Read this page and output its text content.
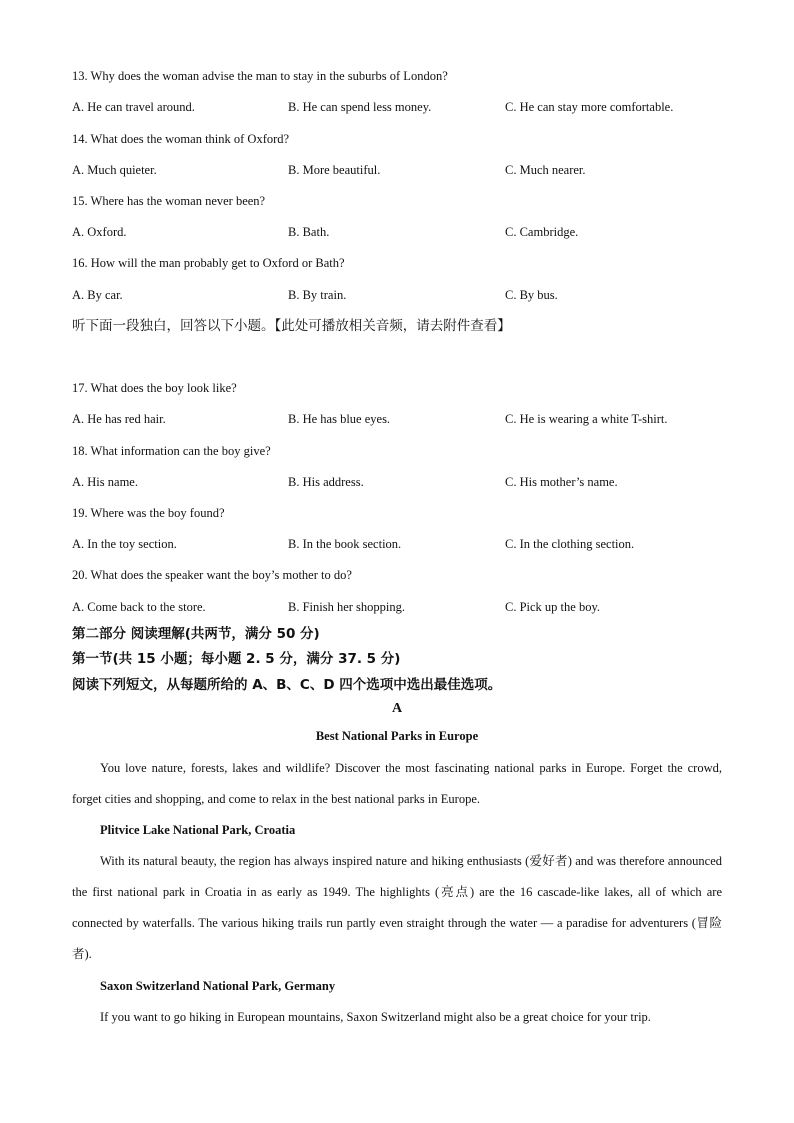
13. Why does the woman advise the man to stay in the suburbs of London?
A. He can travel around.	B. He can spend less money.	C. He can stay more comfortable.
14. What does the woman think of Oxford?
A. Much quieter.	B. More beautiful.	C. Much nearer.
15. Where has the woman never been?
A. Oxford.	B. Bath.	C. Cambridge.
16. How will the man probably get to Oxford or Bath?
A. By car.	B. By train.	C. By bus.
听下面一段独白，回答以下小题。【此处可播放相关音频，请去附件查看】
17. What does the boy look like?
A. He has red hair.	B. He has blue eyes.	C. He is wearing a white T-shirt.
18. What information can the boy give?
A. His name.	B. His address.	C. His mother’s name.
19. Where was the boy found?
A. In the toy section.	B. In the book section.	C. In the clothing section.
20. What does the speaker want the boy’s mother to do?
A. Come back to the store.	B. Finish her shopping.	C. Pick up the boy.
第二部分 阅读理解(共两节，满分 50 分)
第一节(共 15 小题；每小题 2. 5 分，满分 37. 5 分)
阅读下列短文，从每题所给的 A、B、C、D 四个选项中选出最佳选项。
A
Best National Parks in Europe
You love nature, forests, lakes and wildlife? Discover the most fascinating national parks in Europe. Forget the crowd, forget cities and shopping, and come to relax in the best national parks in Europe.
Plitvice Lake National Park, Croatia
With its natural beauty, the region has always inspired nature and hiking enthusiasts (爱好者) and was therefore announced the first national park in Croatia in as early as 1949. The highlights (亮点) are the 16 cascade-like lakes, all of which are connected by waterfalls. The various hiking trails run partly even straight through the water — a paradise for adventurers (冒险者).
Saxon Switzerland National Park, Germany
If you want to go hiking in European mountains, Saxon Switzerland might also be a great choice for your trip.
